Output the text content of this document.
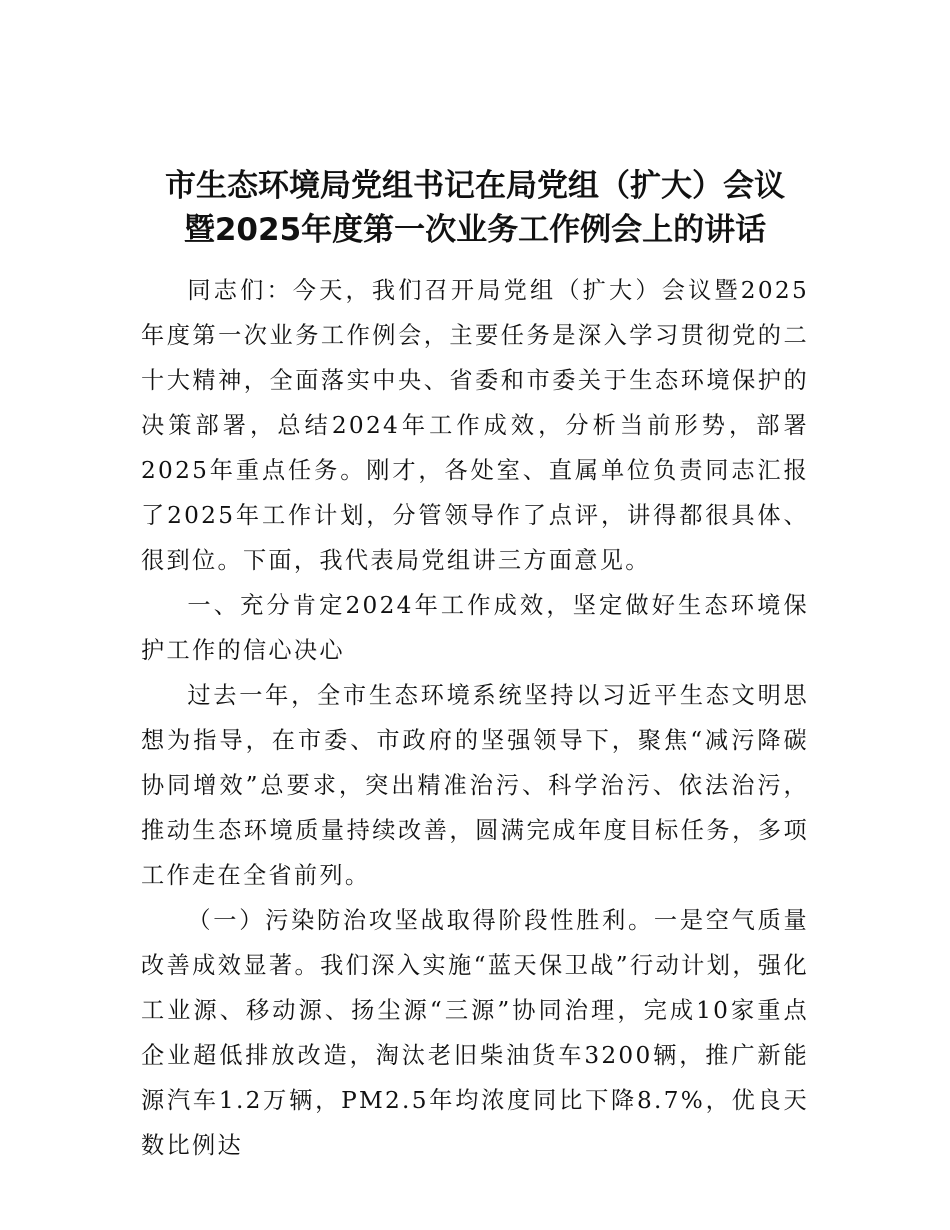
市生态环境局党组书记在局党组（扩大）会议
暨2025年度第一次业务工作例会上的讲话

同志们：今天，我们召开局党组（扩大）会议暨2025年度第一次业务工作例会，主要任务是深入学习贯彻党的二十大精神，全面落实中央、省委和市委关于生态环境保护的决策部署，总结2024年工作成效，分析当前形势，部署2025年重点任务。刚才，各处室、直属单位负责同志汇报了2025年工作计划，分管领导作了点评，讲得都很具体、很到位。下面，我代表局党组讲三方面意见。

一、充分肯定2024年工作成效，坚定做好生态环境保护工作的信心决心

过去一年，全市生态环境系统坚持以习近平生态文明思想为指导，在市委、市政府的坚强领导下，聚焦“减污降碳协同增效”总要求，突出精准治污、科学治污、依法治污，推动生态环境质量持续改善，圆满完成年度目标任务，多项工作走在全省前列。

（一）污染防治攻坚战取得阶段性胜利。一是空气质量改善成效显著。我们深入实施“蓝天保卫战”行动计划，强化工业源、移动源、扬尘源“三源”协同治理，完成10家重点企业超低排放改造，淘汰老旧柴油货车3200辆，推广新能源汽车1.2万辆，PM2.5年均浓度同比下降8.7%，优良天数比例达
